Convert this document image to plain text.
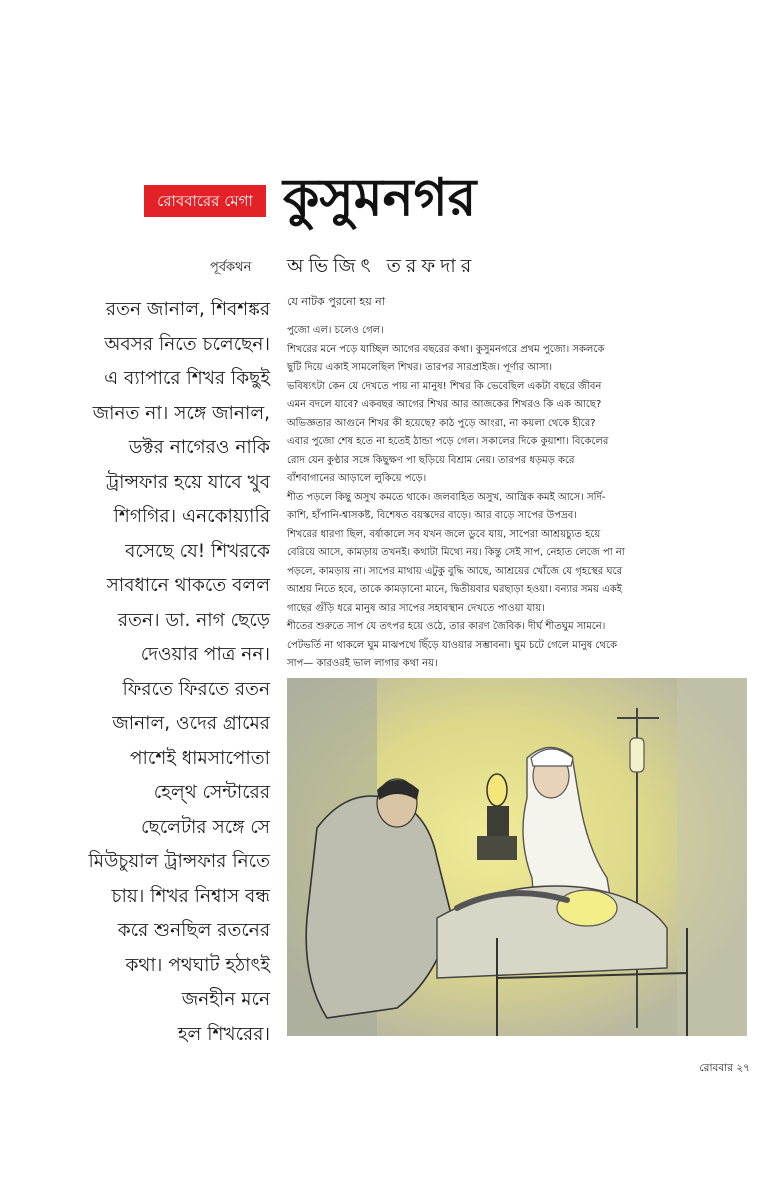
রোববারের মেগা কুসুমনগর
পূর্বকথন	অভিজিৎ তরফদার
রতন জানাল, শিবশঙ্কর
অবসর নিতে চলেছেন।
এ ব্যাপারে শিখর কিছুই
জানত না। সঙ্গে জানাল,
ডক্টর নাগেরও নাকি
ট্রান্সফার হয়ে যাবে খুব
শিগগির। এনকোয়্যারি
বসেছে যে! শিখরকে
সাবধানে থাকতে বলল
রতন। ডা. নাগ ছেড়ে
দেওয়ার পাত্র নন।
ফিরতে ফিরতে রতন
জানাল, ওদের গ্রামের
পাশেই ধামসাপোতা
হেল্‌থ সেন্টারের
ছেলেটার সঙ্গে সে
মিউচুয়াল ট্রান্সফার নিতে
চায়। শিখর নিশ্বাস বন্ধ
করে শুনছিল রতনের
কথা। পথঘাট হঠাৎই
জনহীন মনে
হল শিখরের।
যে নাটক পুরনো হয় না
পুজো এল। চলেও গেল।
শিখরের মনে পড়ে যাচ্ছিল আগের বছরের কথা। কুসুমনগরে প্রথম পুজো। সকলকে
ছুটি দিয়ে একাই সামলেছিল শিখর। তারপর সারপ্রাইজ। পূর্ণার আসা।
ভবিষ্যৎটা কেন যে দেখতে পায় না মানুষ! শিখর কি ভেবেছিল একটা বছরে জীবন
এমন বদলে যাবে? একবছর আগের শিখর আর আজকের শিখরও কি এক আছে?
অভিজ্ঞতার আগুনে শিখর কী হয়েছে? কাঠ পুড়ে আংরা, না কয়লা থেকে হীরে?
এবার পুজো শেষ হতে না হতেই ঠান্ডা পড়ে গেল। সকালের দিকে কুয়াশা। বিকেলের
রোদ যেন কুণ্ঠার সঙ্গে কিছুক্ষণ পা ছড়িয়ে বিশ্রাম নেয়। তারপর ধড়মড় করে
বাঁশবাগানের আড়ালে লুকিয়ে পড়ে।
শীত পড়লে কিছু অসুখ কমতে থাকে। জলবাহিত অসুখ, আন্ত্রিক কমই আসে। সর্দি-
কাশি, হাঁপানি-শ্বাসকষ্ট, বিশেষত বয়স্কদের বাড়ে। আর বাড়ে সাপের উপদ্রব।
শিখরের ধারণা ছিল, বর্ষাকালে সব যখন জলে ডুবে যায়, সাপেরা আশ্রয়চ্যুত হয়ে
বেরিয়ে আসে, কামড়ায় তখনই। কথাটা মিথ্যে নয়। কিন্তু সেই সাপ, নেহাত লেজে পা না
পড়লে, কামড়ায় না। সাপের মাথায় এটুকু বুদ্ধি আছে, আশ্রয়ের খোঁজে যে গৃহস্থের ঘরে
আশ্রয় নিতে হবে, তাকে কামড়ানো মানে, দ্বিতীয়বার ঘরছাড়া হওয়া। বন্যার সময় একই
গাছের গুঁড়ি ধরে মানুষ আর সাপের সহাবস্থান দেখতে পাওয়া যায়।
শীতের শুরুতে সাপ যে তৎপর হয়ে ওঠে, তার কারণ জৈবিক। দীর্ঘ শীতঘুম সামনে।
পেটভর্তি না থাকলে ঘুম মাঝপথে ছিঁড়ে যাওয়ার সম্ভাবনা। ঘুম চটে গেলে মানুষ থেকে
সাপ— কারওরই ভাল লাগার কথা নয়।
রোববার ২৭
